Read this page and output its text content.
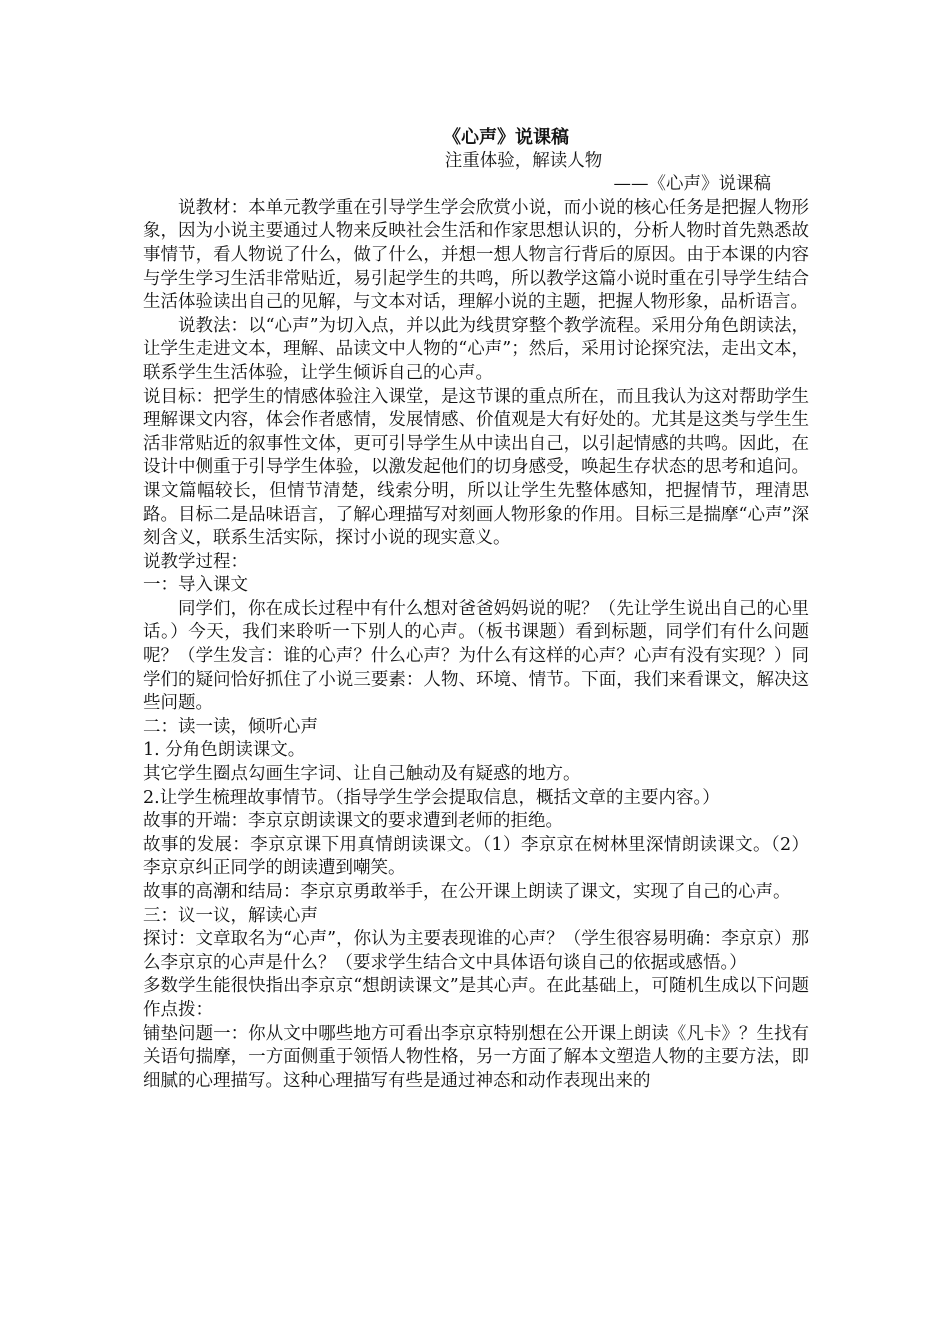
《心声》说课稿
注重体验，解读人物
——《心声》说课稿

说教材：本单元教学重在引导学生学会欣赏小说，而小说的核心任务是把握人物形象，因为小说主要通过人物来反映社会生活和作家思想认识的，分析人物时首先熟悉故事情节，看人物说了什么，做了什么，并想一想人物言行背后的原因。由于本课的内容与学生学习生活非常贴近，易引起学生的共鸣，所以教学这篇小说时重在引导学生结合生活体验读出自己的见解，与文本对话，理解小说的主题，把握人物形象，品析语言。

说教法：以“心声”为切入点，并以此为线贯穿整个教学流程。采用分角色朗读法，让学生走进文本，理解、品读文中人物的“心声”；然后，采用讨论探究法，走出文本，联系学生生活体验，让学生倾诉自己的心声。

说目标：把学生的情感体验注入课堂，是这节课的重点所在，而且我认为这对帮助学生理解课文内容，体会作者感情，发展情感、价值观是大有好处的。尤其是这类与学生生活非常贴近的叙事性文体，更可引导学生从中读出自己，以引起情感的共鸣。因此，在设计中侧重于引导学生体验，以激发起他们的切身感受，唤起生存状态的思考和追问。课文篇幅较长，但情节清楚，线索分明，所以让学生先整体感知，把握情节，理清思路。目标二是品味语言，了解心理描写对刻画人物形象的作用。目标三是揣摩“心声”深刻含义，联系生活实际，探讨小说的现实意义。

说教学过程：

一：导入课文

同学们，你在成长过程中有什么想对爸爸妈妈说的呢？（先让学生说出自己的心里话。）今天，我们来聆听一下别人的心声。（板书课题）看到标题，同学们有什么问题呢？（学生发言：谁的心声？什么心声？为什么有这样的心声？心声有没有实现？）同学们的疑问恰好抓住了小说三要素：人物、环境、情节。下面，我们来看课文，解决这些问题。

二：读一读，倾听心声

1. 分角色朗读课文。

其它学生圈点勾画生字词、让自己触动及有疑惑的地方。

2.让学生梳理故事情节。（指导学生学会提取信息，概括文章的主要内容。）

故事的开端：李京京朗读课文的要求遭到老师的拒绝。

故事的发展：李京京课下用真情朗读课文。（1）李京京在树林里深情朗读课文。（2）李京京纠正同学的朗读遭到嘲笑。

故事的高潮和结局：李京京勇敢举手，在公开课上朗读了课文，实现了自己的心声。

三：议一议，解读心声

探讨：文章取名为“心声”，你认为主要表现谁的心声？（学生很容易明确：李京京）那么李京京的心声是什么？（要求学生结合文中具体语句谈自己的依据或感悟。）

多数学生能很快指出李京京“想朗读课文”是其心声。在此基础上，可随机生成以下问题作点拨：

铺垫问题一：你从文中哪些地方可看出李京京特别想在公开课上朗读《凡卡》？生找有关语句揣摩，一方面侧重于领悟人物性格，另一方面了解本文塑造人物的主要方法，即细腻的心理描写。这种心理描写有些是通过神态和动作表现出来的
